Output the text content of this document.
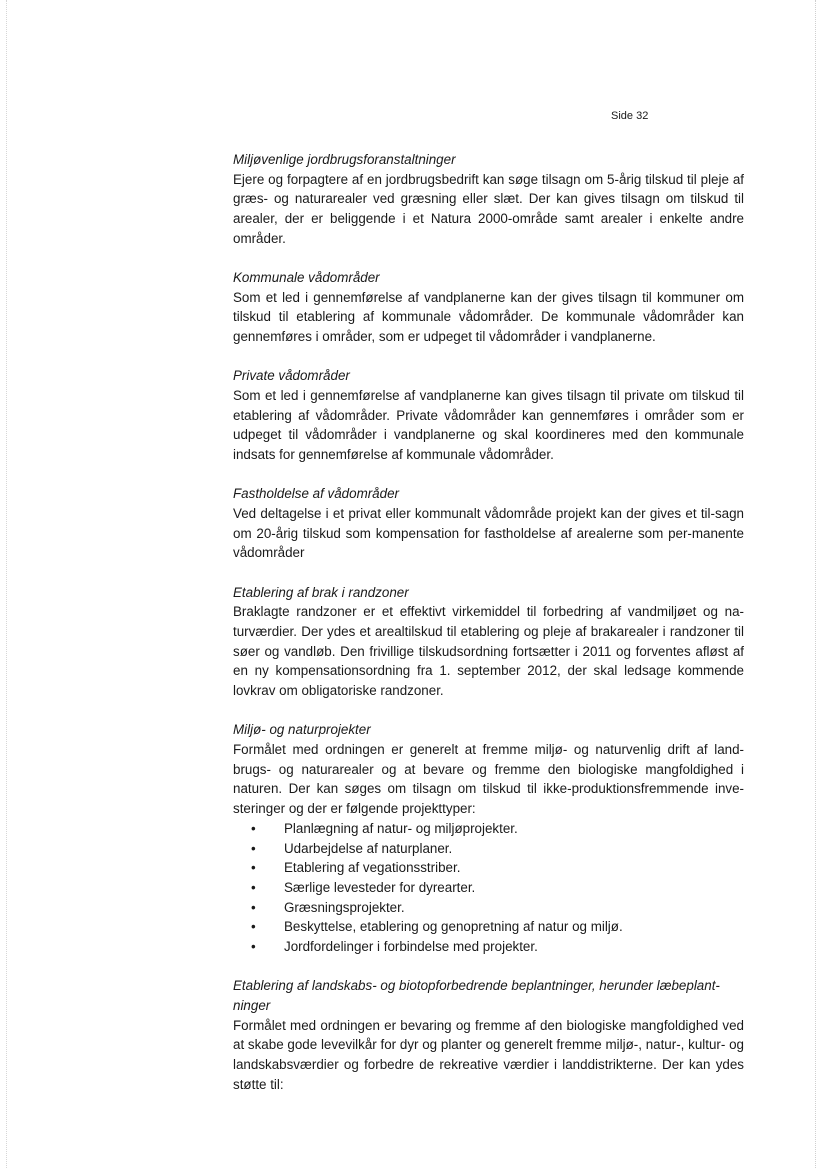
Side 32
Miljøvenlige jordbrugsforanstaltninger
Ejere og forpagtere af en jordbrugsbedrift kan søge tilsagn om 5-årig tilskud til pleje af græs- og naturarealer ved græsning eller slæt. Der kan gives tilsagn om tilskud til arealer, der er beliggende i et Natura 2000-område samt arealer i enkelte andre områder.
Kommunale vådområder
Som et led i gennemførelse af vandplanerne kan der gives tilsagn til kommuner om tilskud til etablering af kommunale vådområder. De kommunale vådområder kan gennemføres i områder, som er udpeget til vådområder i vandplanerne.
Private vådområder
Som et led i gennemførelse af vandplanerne kan gives tilsagn til private om tilskud til etablering af vådområder. Private vådområder kan gennemføres i områder som er udpeget til vådområder i vandplanerne og skal koordineres med den kommunale indsats for gennemførelse af kommunale vådområder.
Fastholdelse af vådområder
Ved deltagelse i et privat eller kommunalt vådområde projekt kan der gives et til-sagn om 20-årig tilskud som kompensation for fastholdelse af arealerne som per-manente vådområder
Etablering af brak i randzoner
Braklagte randzoner er et effektivt virkemiddel til forbedring af vandmiljøet og na-turværdier. Der ydes et arealtilskud til etablering og pleje af brakarealer i randzoner til søer og vandløb. Den frivillige tilskudsordning fortsætter i 2011 og forventes afløst af en ny kompensationsordning fra 1. september 2012, der skal ledsage kommende lovkrav om obligatoriske randzoner.
Miljø- og naturprojekter
Formålet med ordningen er generelt at fremme miljø- og naturvenlig drift af land-brugs- og naturarealer og at bevare og fremme den biologiske mangfoldighed i naturen. Der kan søges om tilsagn om tilskud til ikke-produktionsfremmende inve-steringer og der er følgende projekttyper:
• Planlægning af natur- og miljøprojekter.
• Udarbejdelse af naturplaner.
• Etablering af vegationsstriber.
• Særlige levesteder for dyrearter.
• Græsningsprojekter.
• Beskyttelse, etablering og genopretning af natur og miljø.
• Jordfordelinger i forbindelse med projekter.
Etablering af landskabs- og biotopforbedrende beplantninger, herunder læbeplant-ninger
Formålet med ordningen er bevaring og fremme af den biologiske mangfoldighed ved at skabe gode levevilkår for dyr og planter og generelt fremme miljø-, natur-, kultur- og landskabsværdier og forbedre de rekreative værdier i landdistrikterne. Der kan ydes støtte til:
